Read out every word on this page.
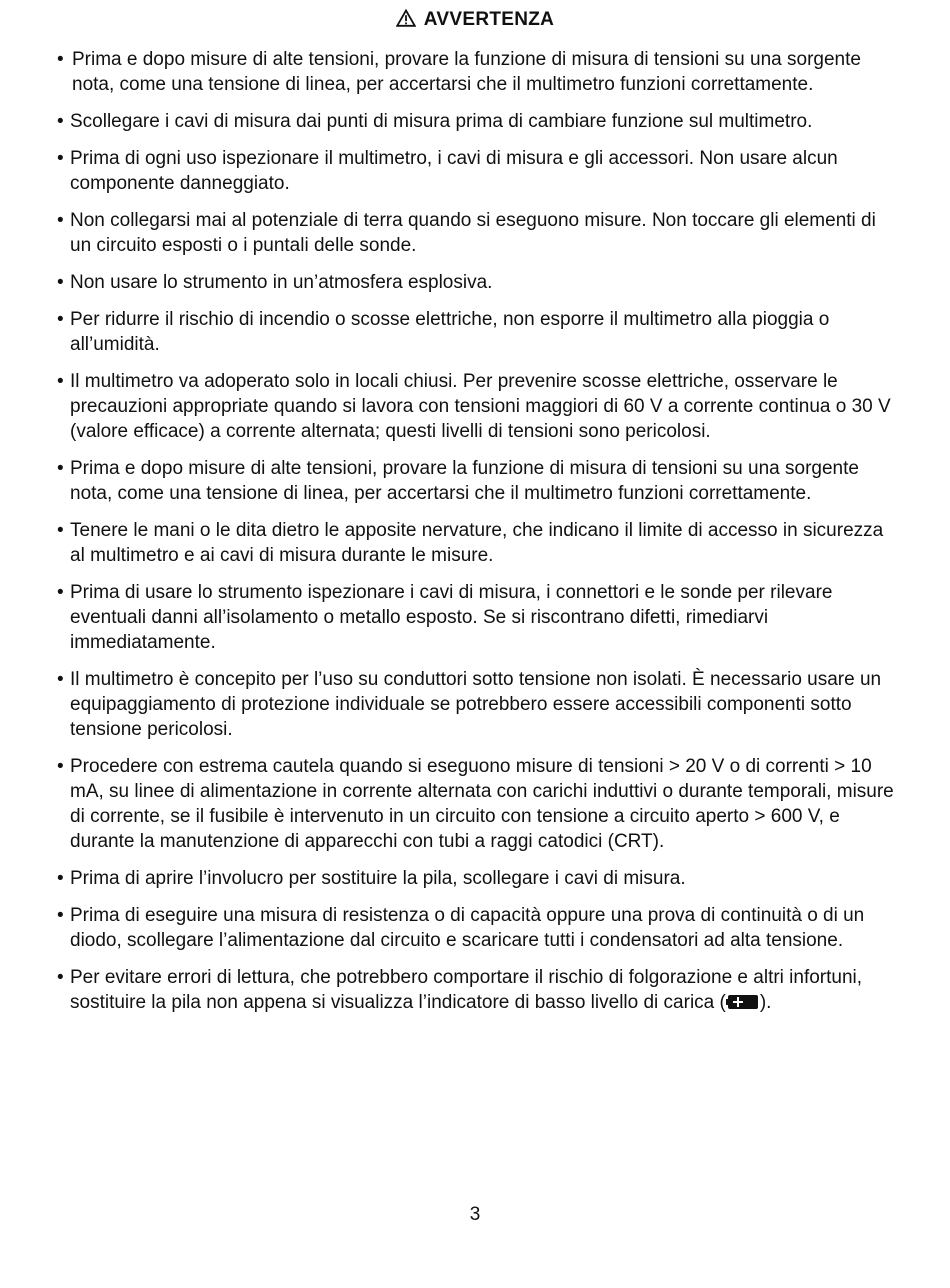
AVVERTENZA
• Prima e dopo misure di alte tensioni, provare la funzione di misura di tensioni su una sorgente nota, come una tensione di linea, per accertarsi che il multimetro funzioni correttamente.
• Scollegare i cavi di misura dai punti di misura prima di cambiare funzione sul multimetro.
• Prima di ogni uso ispezionare il multimetro, i cavi di misura e gli accessori. Non usare alcun componente danneggiato.
• Non collegarsi mai al potenziale di terra quando si eseguono misure. Non toccare gli elementi di un circuito esposti o i puntali delle sonde.
• Non usare lo strumento in un’atmosfera esplosiva.
• Per ridurre il rischio di incendio o scosse elettriche, non esporre il multimetro alla pioggia o all’umidità.
• Il multimetro va adoperato solo in locali chiusi. Per prevenire scosse elettriche, osservare le precauzioni appropriate quando si lavora con tensioni maggiori di 60 V a corrente continua o 30 V (valore efficace) a corrente alternata; questi livelli di tensioni sono pericolosi.
• Prima e dopo misure di alte tensioni, provare la funzione di misura di tensioni su una sorgente nota, come una tensione di linea, per accertarsi che il multimetro funzioni correttamente.
• Tenere le mani o le dita dietro le apposite nervature, che indicano il limite di accesso in sicurezza al multimetro e ai cavi di misura durante le misure.
• Prima di usare lo strumento ispezionare i cavi di misura, i connettori e le sonde per rilevare eventuali danni all’isolamento o metallo esposto. Se si riscontrano difetti, rimediarvi immediatamente.
• Il multimetro è concepito per l’uso su conduttori sotto tensione non isolati. È necessario usare un equipaggiamento di protezione individuale se potrebbero essere accessibili componenti sotto tensione pericolosi.
• Procedere con estrema cautela quando si eseguono misure di tensioni > 20 V o di correnti > 10 mA, su linee di alimentazione in corrente alternata con carichi induttivi o durante temporali, misure di corrente, se il fusibile è intervenuto in un circuito con tensione a circuito aperto > 600 V, e durante la manutenzione di apparecchi con tubi a raggi catodici (CRT).
• Prima di aprire l’involucro per sostituire la pila, scollegare i cavi di misura.
• Prima di eseguire una misura di resistenza o di capacità oppure una prova di continuità o di un diodo, scollegare l’alimentazione dal circuito e scaricare tutti i condensatori ad alta tensione.
• Per evitare errori di lettura, che potrebbero comportare il rischio di folgorazione e altri infortuni, sostituire la pila non appena si visualizza l’indicatore di basso livello di carica ( ).
3
